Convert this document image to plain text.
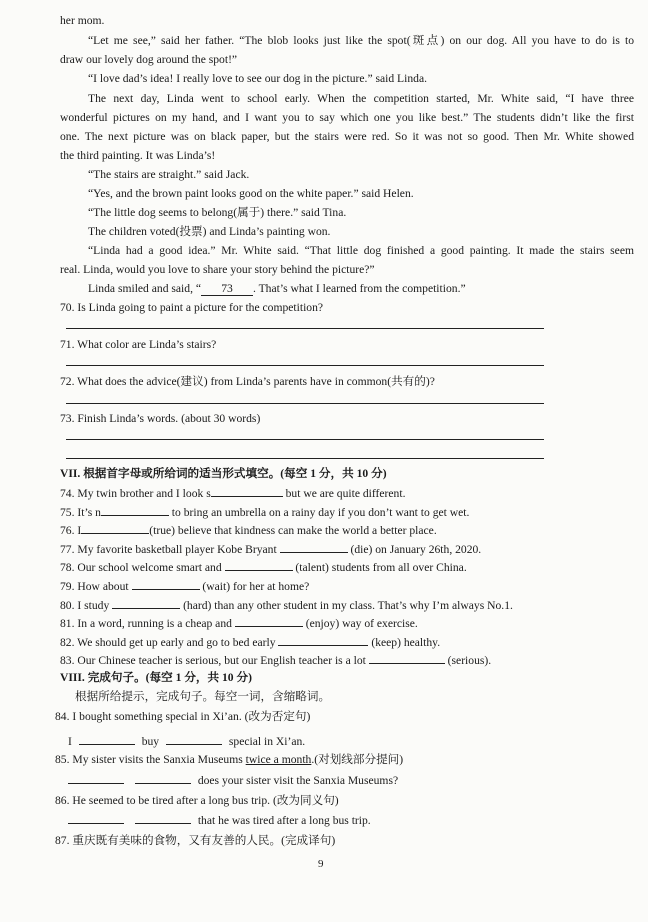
her mom.
“Let me see,” said her father. “The blob looks just like the spot(斑点) on our dog. All you have to do is to
draw our lovely dog around the spot!”
“I love dad’s idea! I really love to see our dog in the picture.” said Linda.
The next day, Linda went to school early. When the competition started, Mr. White said, “I have three
wonderful pictures on my hand, and I want you to say which one you like best.” The students didn’t like the first
one. The next picture was on black paper, but the stairs were red. So it was not so good. Then Mr. White showed
the third painting. It was Linda’s!
“The stairs are straight.” said Jack.
“Yes, and the brown paint looks good on the white paper.” said Helen.
“The little dog seems to belong(属于) there.” said Tina.
The children voted(投票) and Linda’s painting won.
“Linda had a good idea.” Mr. White said. “That little dog finished a good painting. It made the stairs seem
real. Linda, would you love to share your story behind the picture?”
Linda smiled and said, “ 73 . That’s what I learned from the competition.”
70. Is Linda going to paint a picture for the competition?
71. What color are Linda’s stairs?
72. What does the advice(建议) from Linda’s parents have in common(共有的)?
73. Finish Linda’s words. (about 30 words)
VII. 根据首字母或所给词的适当形式填空。(每空 1 分，共 10 分)
74. My twin brother and I look s	but we are quite different.
75. It’s n	to bring an umbrella on a rainy day if you don’t want to get wet.
76. I	(true) believe that kindness can make the world a better place.
77. My favorite basketball player Kobe Bryant	(die) on January 26th, 2020.
78. Our school welcome smart and	(talent) students from all over China.
79. How about	(wait) for her at home?
80. I study	(hard) than any other student in my class. That’s why I’m always No.1.
81. In a word, running is a cheap and	(enjoy) way of exercise.
82. We should get up early and go to bed early	(keep) healthy.
83. Our Chinese teacher is serious, but our English teacher is a lot	(serious).
VIII. 完成句子。(每空 1 分，共 10 分)
根据所给提示，完成句子。每空一词，含缩略词。
84. I bought something special in Xi’an. (改为否定句)
I	buy	special in Xi’an.
85. My sister visits the Sanxia Museums twice a month.(对划线部分提问)
does your sister visit the Sanxia Museums?
86. He seemed to be tired after a long bus trip. (改为同义句)
that he was tired after a long bus trip.
87. 重庆既有美味的食物，又有友善的人民。(完成译句)
9
